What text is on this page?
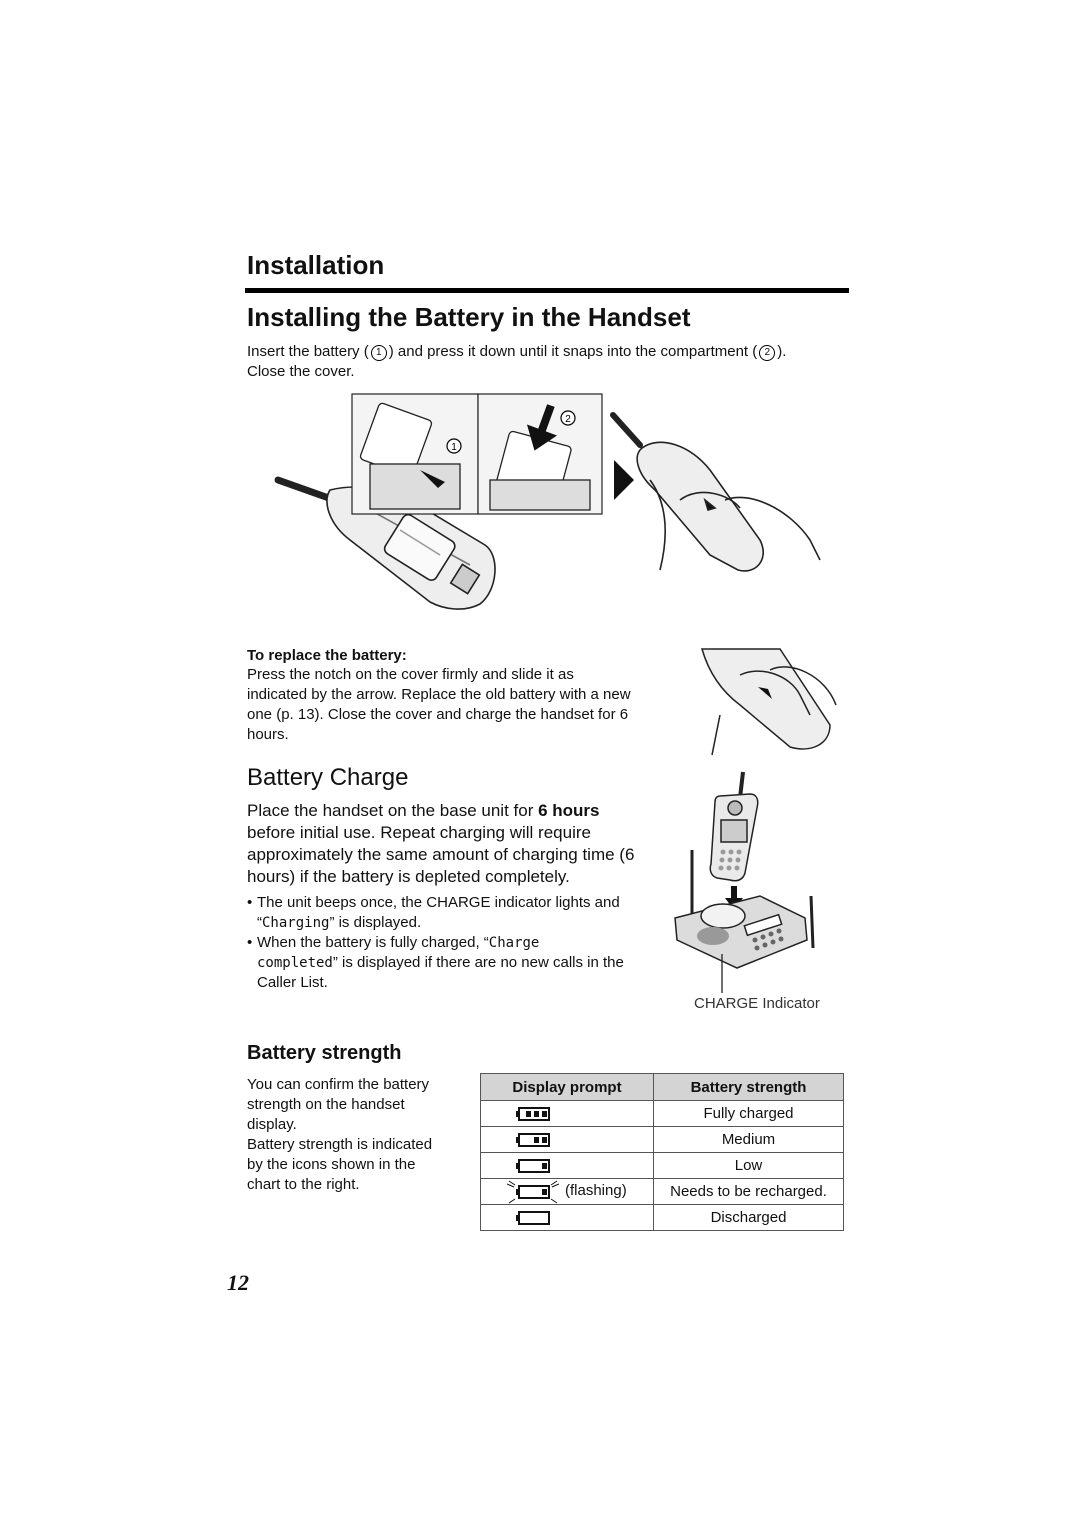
Installation
Installing the Battery in the Handset
Insert the battery ( 1 ) and press it down until it snaps into the compartment ( 2 ).
Close the cover.
1
2
To replace the battery:
Press the notch on the cover firmly and slide it as
indicated by the arrow. Replace the old battery with a new
one (p. 13). Close the cover and charge the handset for 6
hours.
Battery Charge
Place the handset on the base unit for 6 hours
before initial use. Repeat charging will require
approximately the same amount of charging time (6
hours) if the battery is depleted completely.
• The unit beeps once, the CHARGE indicator lights and
“Charging” is displayed.
• When the battery is fully charged, “Charge
completed” is displayed if there are no new calls in the
Caller List.
CHARGE Indicator
Battery strength
You can confirm the battery
strength on the handset
display.
Battery strength is indicated
by the icons shown in the
chart to the right.
Display prompt	Battery strength
	Fully charged
	Medium
	Low
(flashing)	Needs to be recharged.
	Discharged
12
